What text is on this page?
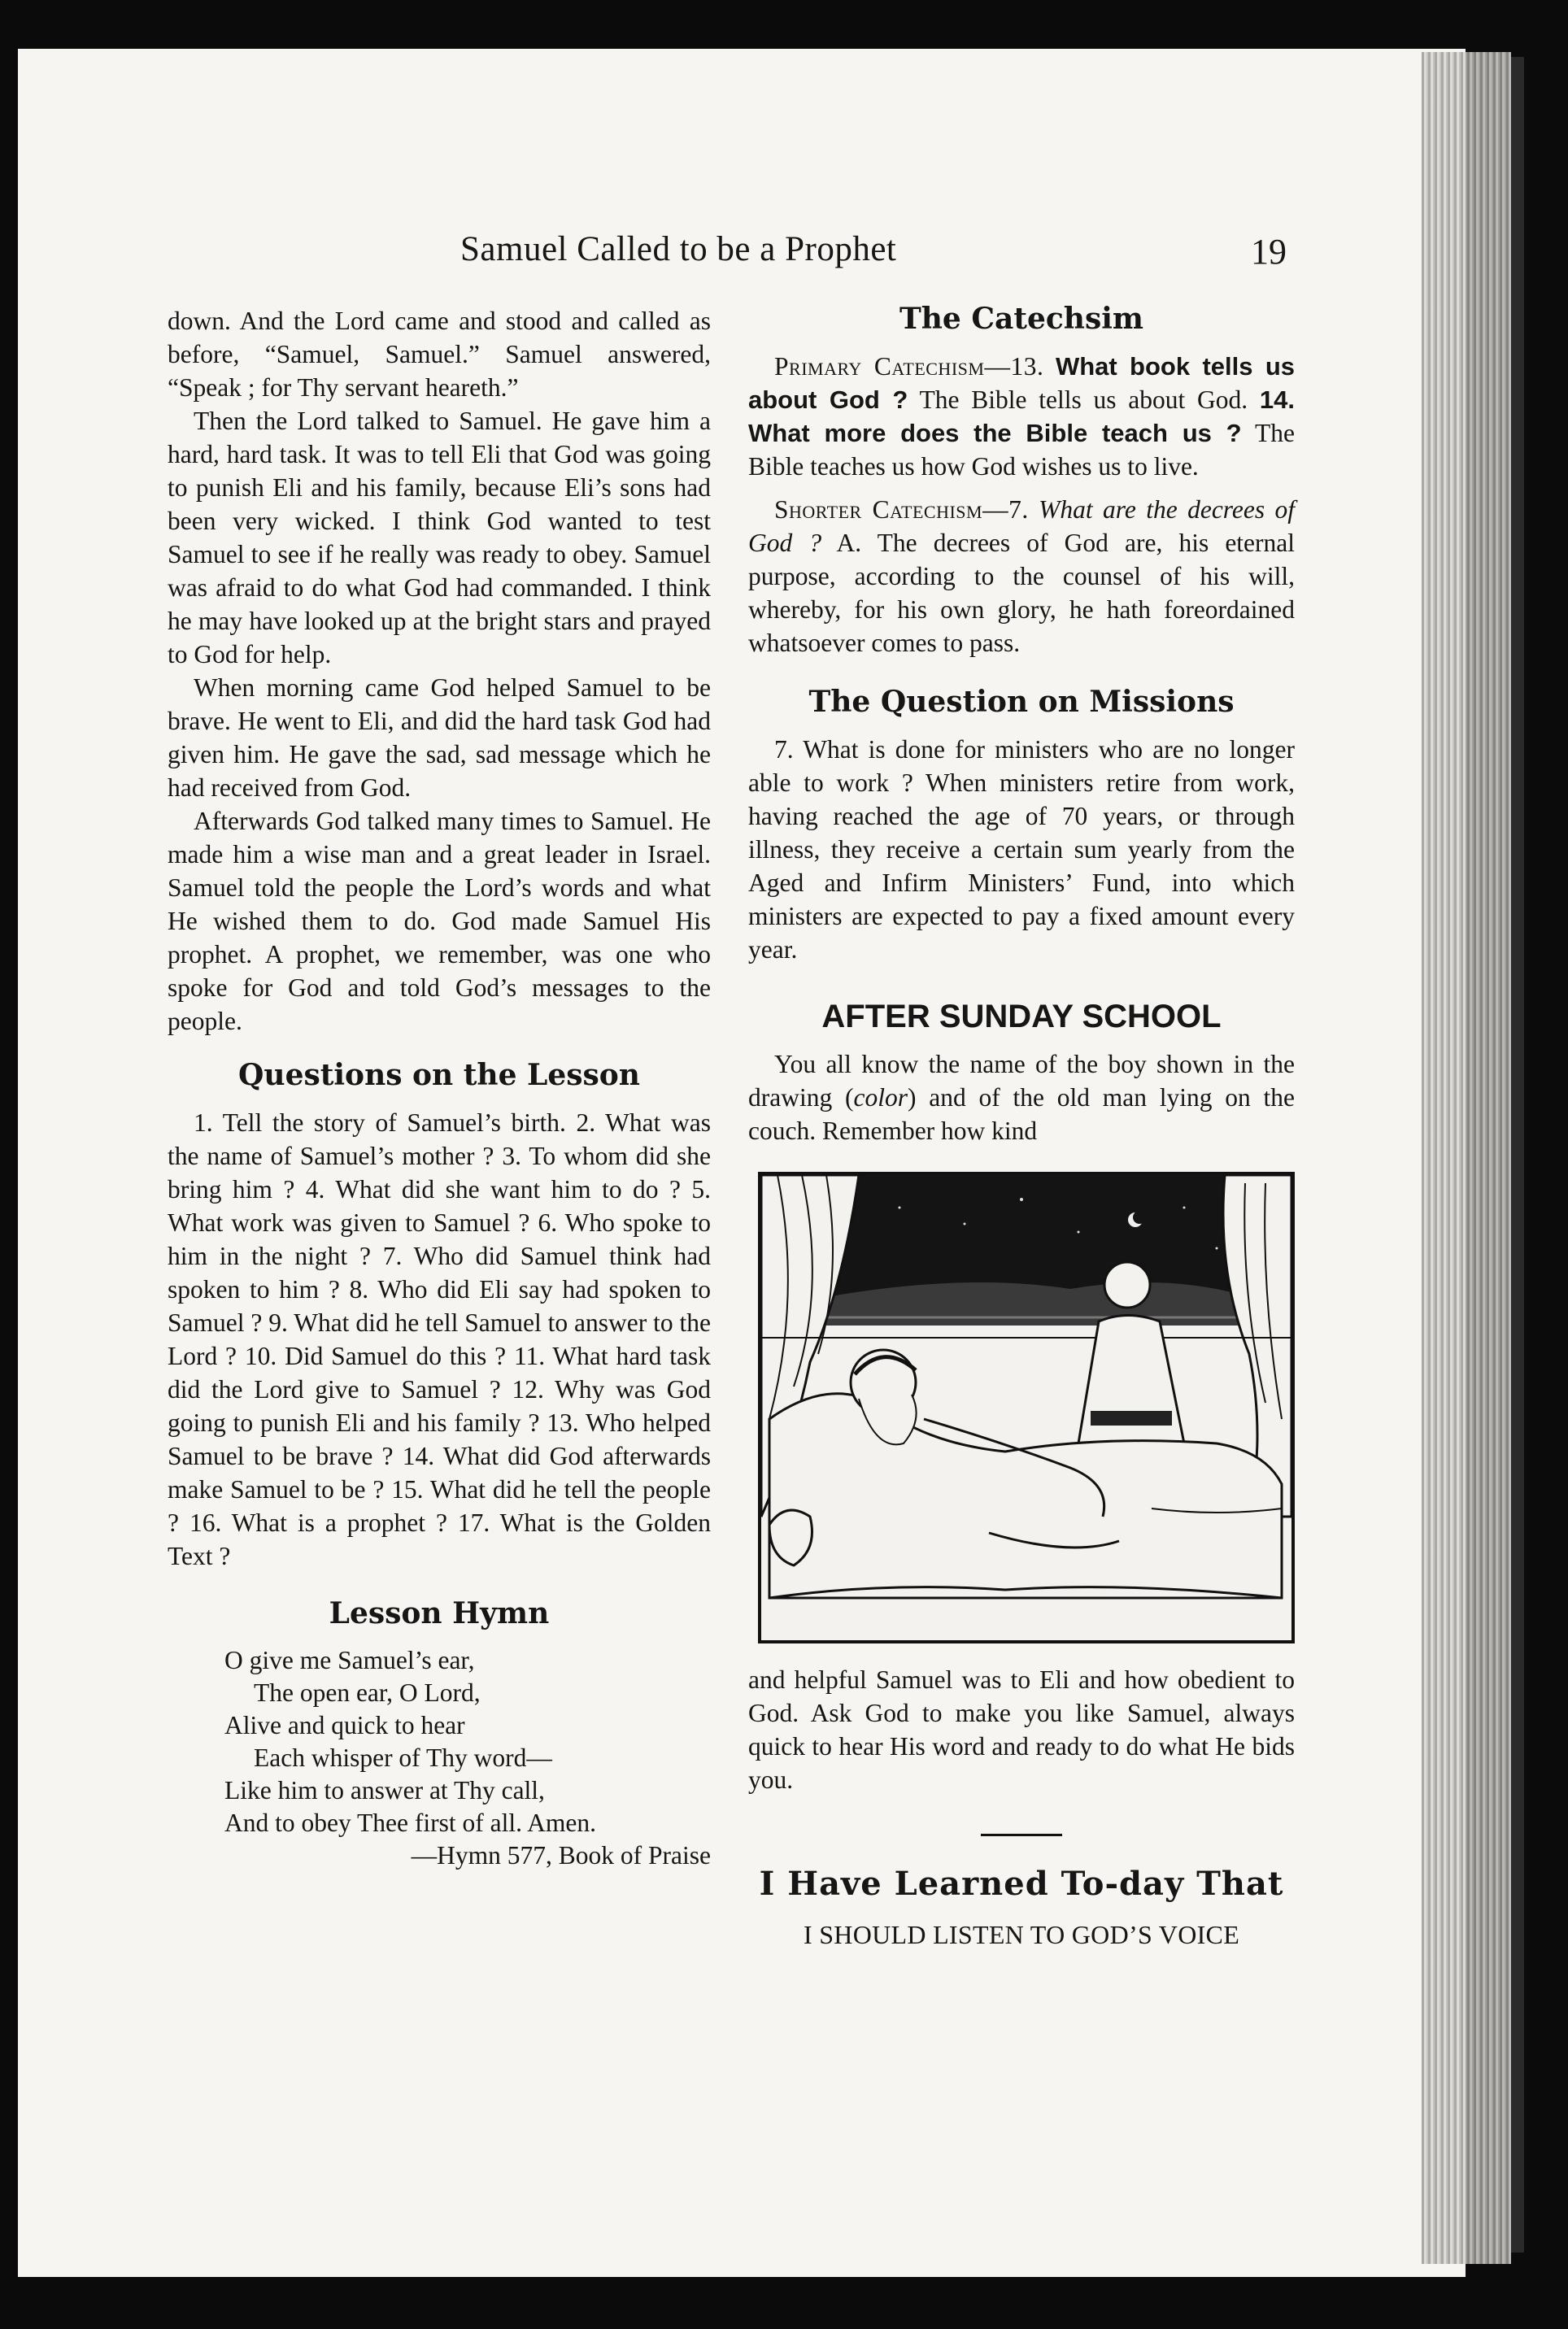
Samuel Called to be a Prophet	19

down. And the Lord came and stood and called as before, “Samuel, Samuel.” Samuel answered, “Speak ; for Thy servant heareth.”

Then the Lord talked to Samuel. He gave him a hard, hard task. It was to tell Eli that God was going to punish Eli and his family, because Eli’s sons had been very wicked. I think God wanted to test Samuel to see if he really was ready to obey. Samuel was afraid to do what God had commanded. I think he may have looked up at the bright stars and prayed to God for help.

When morning came God helped Samuel to be brave. He went to Eli, and did the hard task God had given him. He gave the sad, sad message which he had received from God.

Afterwards God talked many times to Samuel. He made him a wise man and a great leader in Israel. Samuel told the people the Lord’s words and what He wished them to do. God made Samuel His prophet. A prophet, we remember, was one who spoke for God and told God’s messages to the people.

Questions on the Lesson

1. Tell the story of Samuel’s birth. 2. What was the name of Samuel’s mother ? 3. To whom did she bring him ? 4. What did she want him to do ? 5. What work was given to Samuel ? 6. Who spoke to him in the night ? 7. Who did Samuel think had spoken to him ? 8. Who did Eli say had spoken to Samuel ? 9. What did he tell Samuel to answer to the Lord ? 10. Did Samuel do this ? 11. What hard task did the Lord give to Samuel ? 12. Why was God going to punish Eli and his family ? 13. Who helped Samuel to be brave ? 14. What did God afterwards make Samuel to be ? 15. What did he tell the people ? 16. What is a prophet ? 17. What is the Golden Text ?

Lesson Hymn
O give me Samuel’s ear,
The open ear, O Lord,
Alive and quick to hear
Each whisper of Thy word—
Like him to answer at Thy call,
And to obey Thee first of all. Amen.
—Hymn 577, Book of Praise
The Catechsim

Primary Catechism—13. What book tells us about God ? The Bible tells us about God. 14. What more does the Bible teach us ? The Bible teaches us how God wishes us to live.

Shorter Catechism—7. What are the decrees of God ? A. The decrees of God are, his eternal purpose, according to the counsel of his will, whereby, for his own glory, he hath foreordained whatsoever comes to pass.

The Question on Missions

7. What is done for ministers who are no longer able to work ? When ministers retire from work, having reached the age of 70 years, or through illness, they receive a certain sum yearly from the Aged and Infirm Ministers’ Fund, into which ministers are expected to pay a fixed amount every year.

AFTER SUNDAY SCHOOL

You all know the name of the boy shown in the drawing (color) and of the old man lying on the couch. Remember how kind

and helpful Samuel was to Eli and how obedient to God. Ask God to make you like Samuel, always quick to hear His word and ready to do what He bids you.

I Have Learned To-day That
I SHOULD LISTEN TO GOD’S VOICE
